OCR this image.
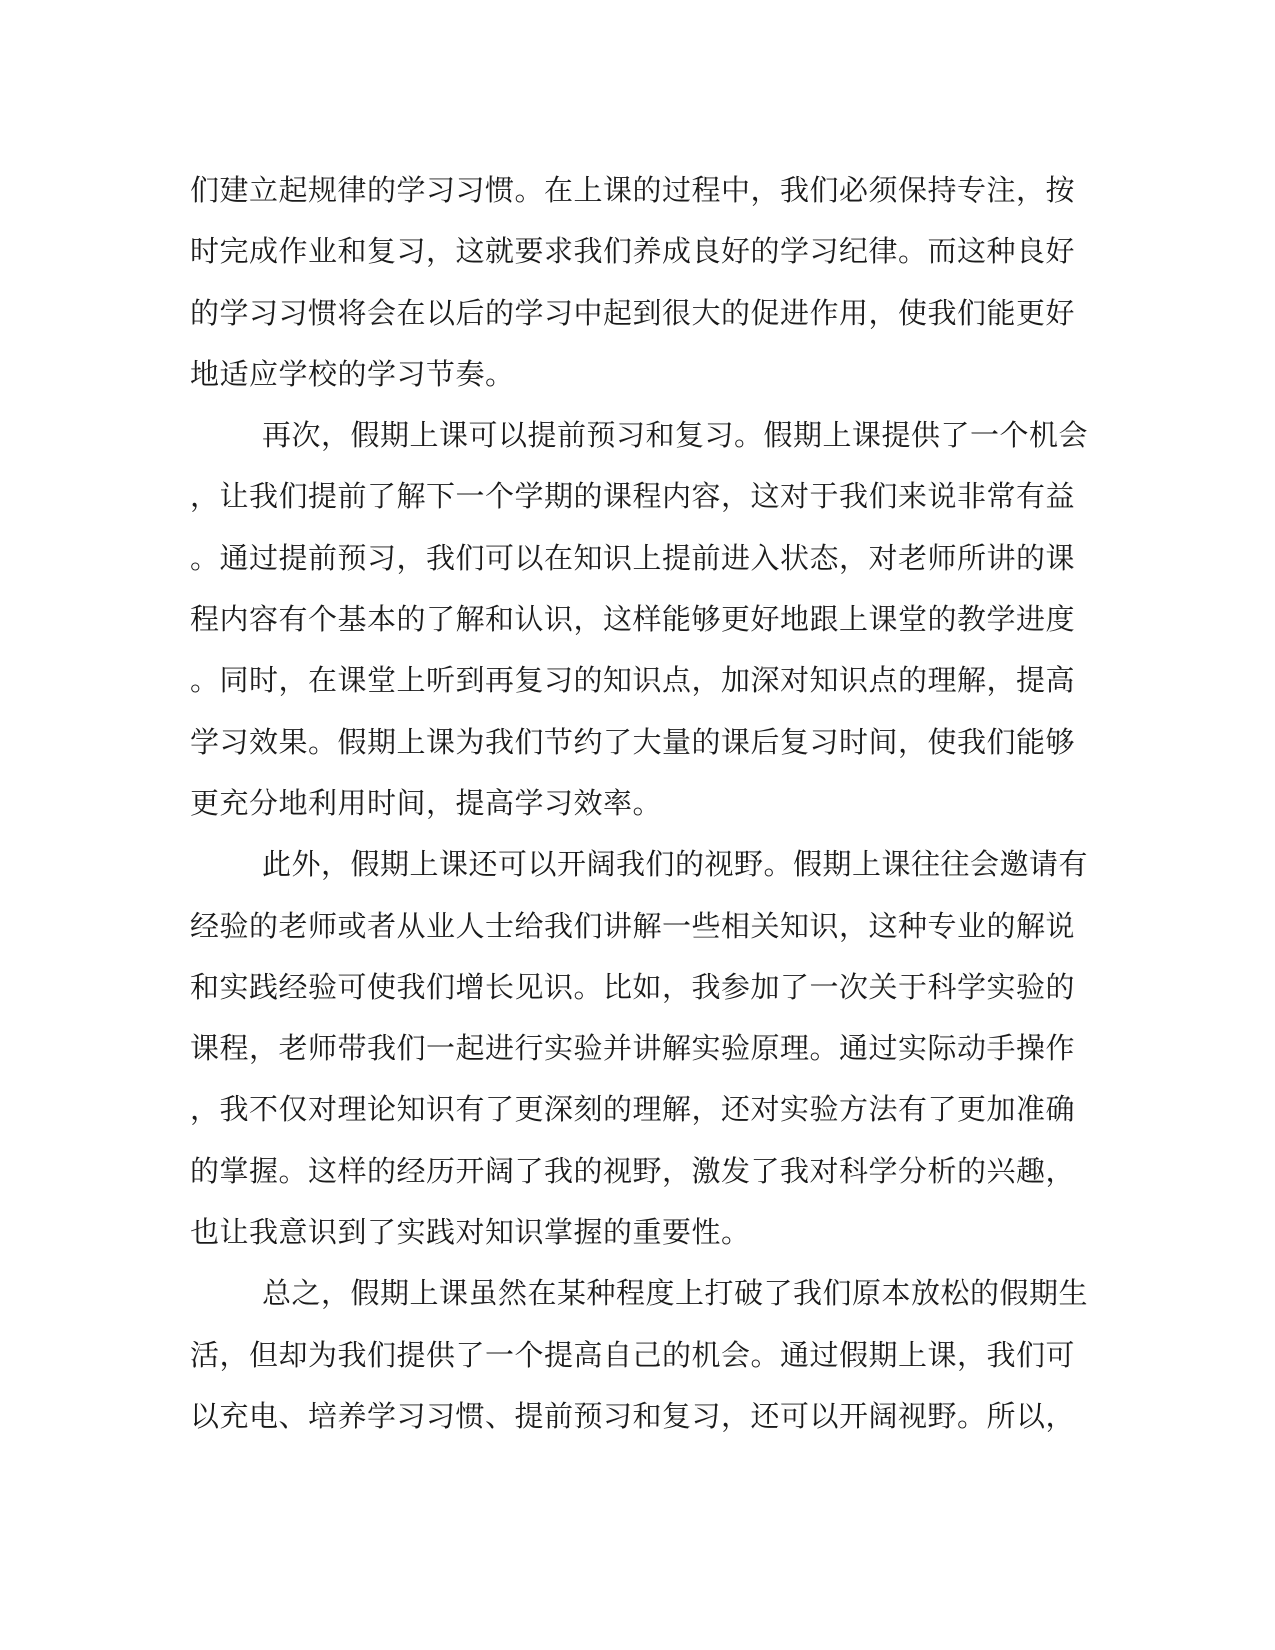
们建立起规律的学习习惯。在上课的过程中，我们必须保持专注，按
时完成作业和复习，这就要求我们养成良好的学习纪律。而这种良好
的学习习惯将会在以后的学习中起到很大的促进作用，使我们能更好
地适应学校的学习节奏。
再次，假期上课可以提前预习和复习。假期上课提供了一个机会
，让我们提前了解下一个学期的课程内容，这对于我们来说非常有益
。通过提前预习，我们可以在知识上提前进入状态，对老师所讲的课
程内容有个基本的了解和认识，这样能够更好地跟上课堂的教学进度
。同时，在课堂上听到再复习的知识点，加深对知识点的理解，提高
学习效果。假期上课为我们节约了大量的课后复习时间，使我们能够
更充分地利用时间，提高学习效率。
此外，假期上课还可以开阔我们的视野。假期上课往往会邀请有
经验的老师或者从业人士给我们讲解一些相关知识，这种专业的解说
和实践经验可使我们增长见识。比如，我参加了一次关于科学实验的
课程，老师带我们一起进行实验并讲解实验原理。通过实际动手操作
，我不仅对理论知识有了更深刻的理解，还对实验方法有了更加准确
的掌握。这样的经历开阔了我的视野，激发了我对科学分析的兴趣，
也让我意识到了实践对知识掌握的重要性。
总之，假期上课虽然在某种程度上打破了我们原本放松的假期生
活，但却为我们提供了一个提高自己的机会。通过假期上课，我们可
以充电、培养学习习惯、提前预习和复习，还可以开阔视野。所以，
